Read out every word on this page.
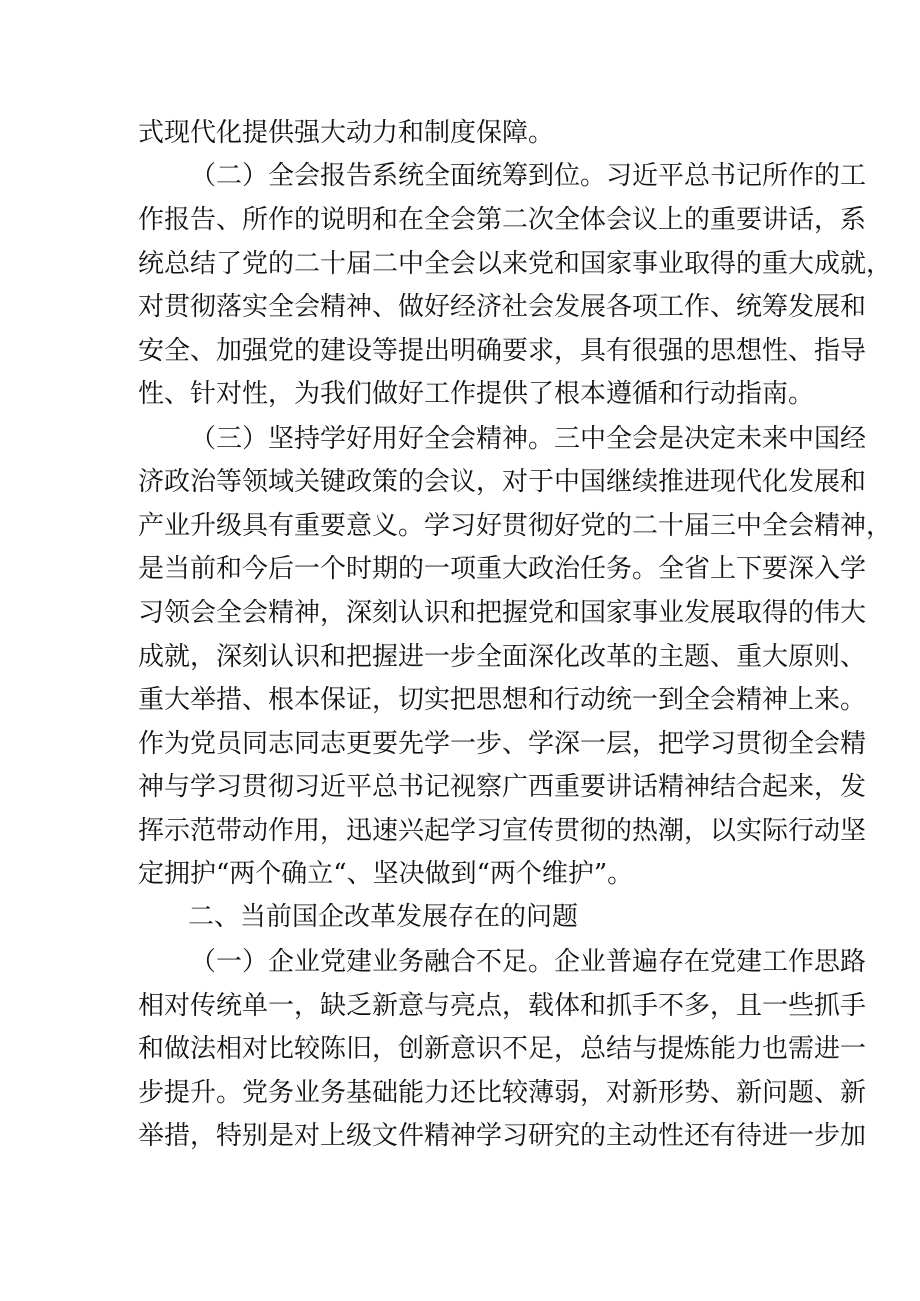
式现代化提供强大动力和制度保障。
（二）全会报告系统全面统筹到位。习近平总书记所作的工
作报告、所作的说明和在全会第二次全体会议上的重要讲话，系
统总结了党的二十届二中全会以来党和国家事业取得的重大成就，
对贯彻落实全会精神、做好经济社会发展各项工作、统筹发展和
安全、加强党的建设等提出明确要求，具有很强的思想性、指导
性、针对性，为我们做好工作提供了根本遵循和行动指南。
（三）坚持学好用好全会精神。三中全会是决定未来中国经
济政治等领域关键政策的会议，对于中国继续推进现代化发展和
产业升级具有重要意义。学习好贯彻好党的二十届三中全会精神，
是当前和今后一个时期的一项重大政治任务。全省上下要深入学
习领会全会精神，深刻认识和把握党和国家事业发展取得的伟大
成就，深刻认识和把握进一步全面深化改革的主题、重大原则、
重大举措、根本保证，切实把思想和行动统一到全会精神上来。
作为党员同志同志更要先学一步、学深一层，把学习贯彻全会精
神与学习贯彻习近平总书记视察广西重要讲话精神结合起来，发
挥示范带动作用，迅速兴起学习宣传贯彻的热潮，以实际行动坚
定拥护“两个确立“、坚决做到“两个维护”。
二、当前国企改革发展存在的问题
（一）企业党建业务融合不足。企业普遍存在党建工作思路
相对传统单一，缺乏新意与亮点，载体和抓手不多，且一些抓手
和做法相对比较陈旧，创新意识不足，总结与提炼能力也需进一
步提升。党务业务基础能力还比较薄弱，对新形势、新问题、新
举措，特别是对上级文件精神学习研究的主动性还有待进一步加
